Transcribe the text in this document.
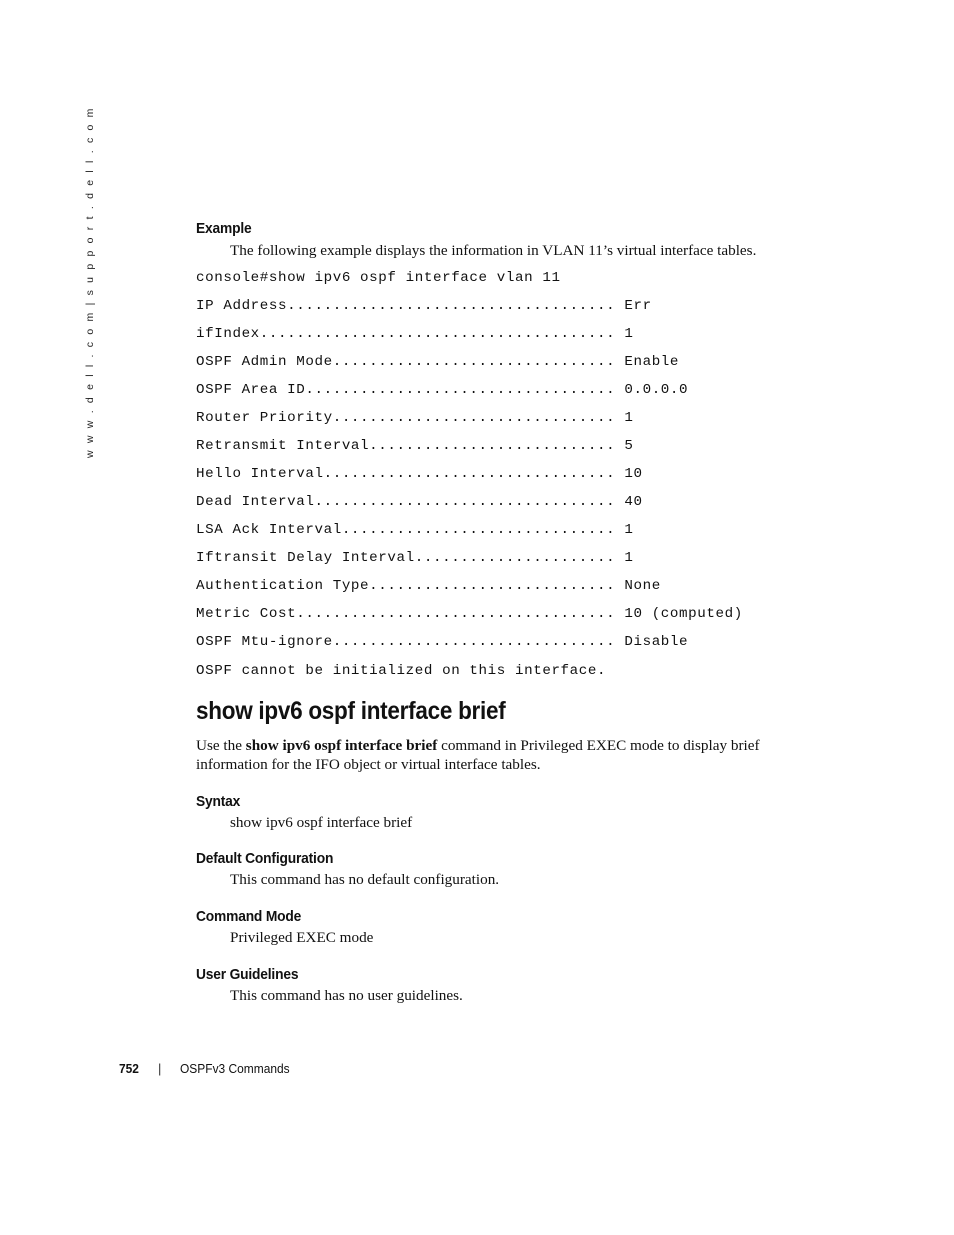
w w w . d e l l . c o m | s u p p o r t . d e l l . c o m	Example
The following example displays the information in VLAN 11’s virtual interface tables.
console#show ipv6 ospf interface vlan 11
IP Address.................................... Err
ifIndex....................................... 1
OSPF Admin Mode............................... Enable
OSPF Area ID.................................. 0.0.0.0
Router Priority............................... 1
Retransmit Interval........................... 5
Hello Interval................................ 10
Dead Interval................................. 40
LSA Ack Interval.............................. 1
Iftransit Delay Interval...................... 1
Authentication Type........................... None
Metric Cost................................... 10 (computed)
OSPF Mtu-ignore............................... Disable
OSPF cannot be initialized on this interface.
show ipv6 ospf interface brief
Use the show ipv6 ospf interface brief command in Privileged EXEC mode to display brief
information for the IFO object or virtual interface tables.
Syntax
show ipv6 ospf interface brief
Default Configuration
This command has no default configuration.
Command Mode
Privileged EXEC mode
User Guidelines
This command has no user guidelines.
752 | OSPFv3 Commands
